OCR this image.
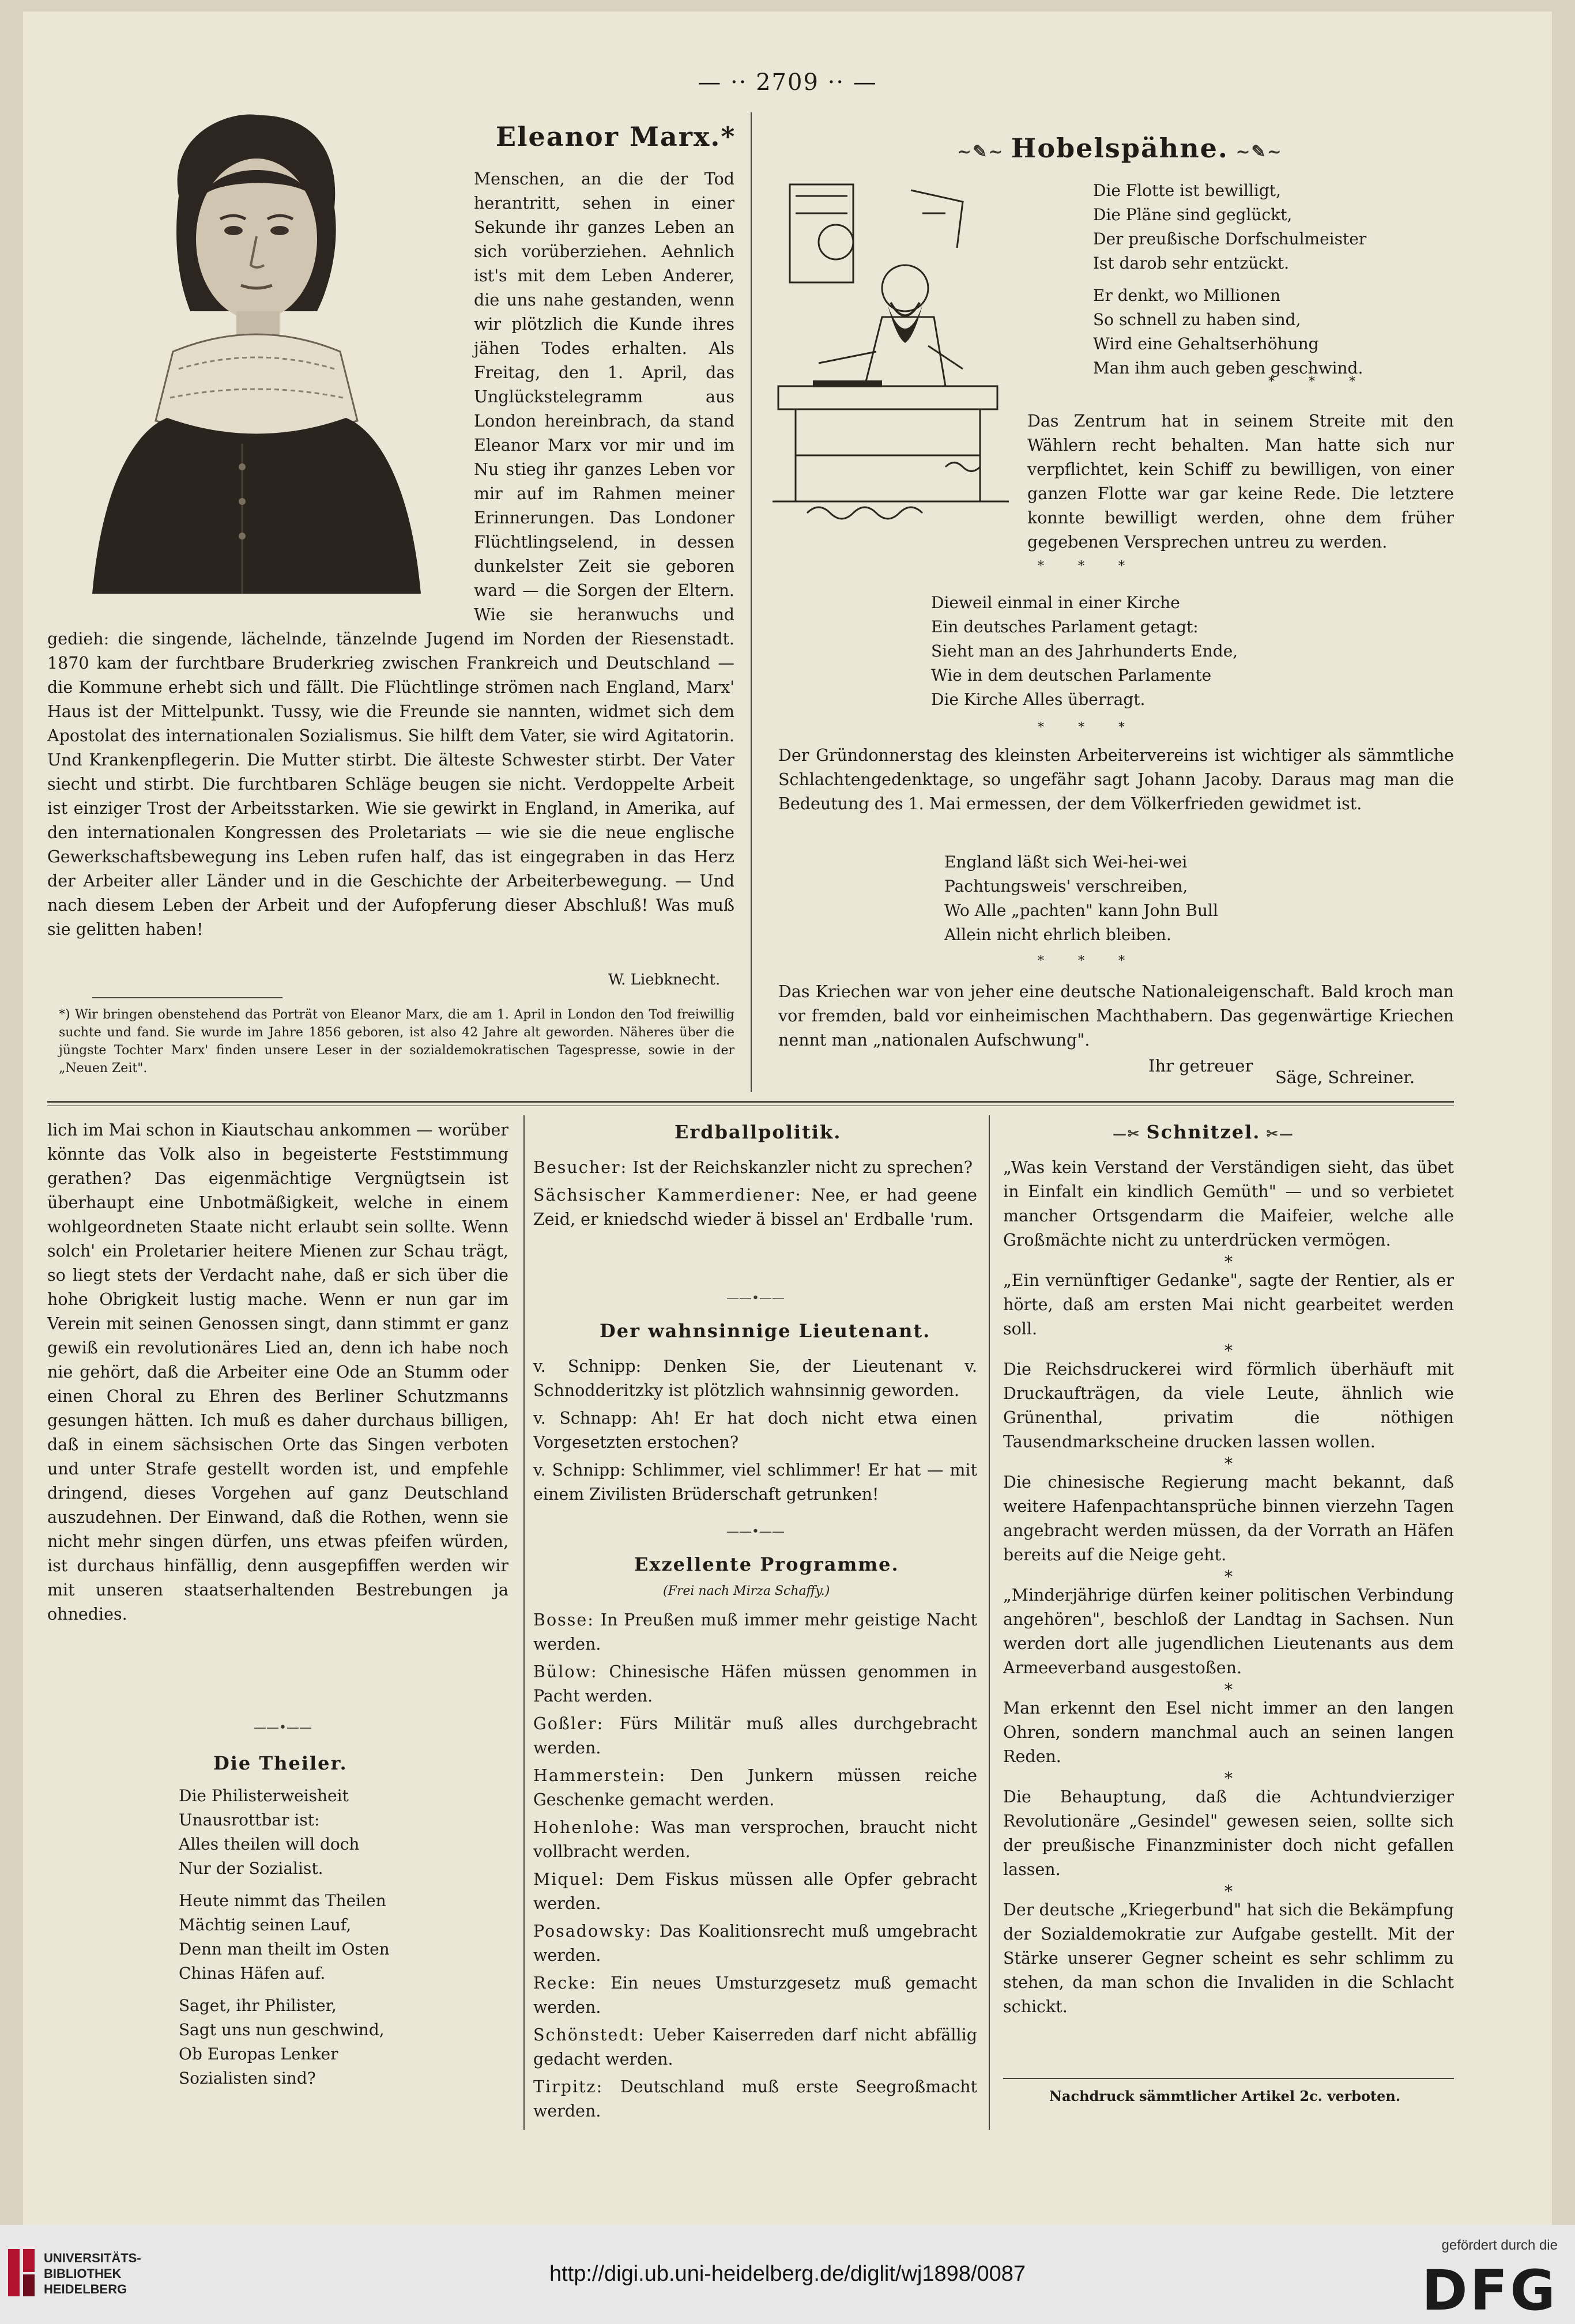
— ·· 2709 ·· —
Eleanor Marx.*

Menschen, an die der Tod herantritt, sehen in einer Sekunde ihr ganzes Leben an sich vorüberziehen. Aehnlich ist's mit dem Leben Anderer, die uns nahe gestanden, wenn wir plötzlich die Kunde ihres jähen Todes erhalten. Als Freitag, den 1. April, das Unglückstelegramm aus London hereinbrach, da stand Eleanor Marx vor mir und im Nu stieg ihr ganzes Leben vor mir auf im Rahmen meiner Erinnerungen. Das Londoner Flüchtlingselend, in dessen dunkelster Zeit sie geboren ward — die Sorgen der Eltern. Wie sie heranwuchs und gedieh: die singende, lächelnde, tänzelnde Jugend im Norden der Riesenstadt. 1870 kam der furchtbare Bruderkrieg zwischen Frankreich und Deutschland — die Kommune erhebt sich und fällt. Die Flüchtlinge strömen nach England, Marx' Haus ist der Mittelpunkt. Tussy, wie die Freunde sie nannten, widmet sich dem Apostolat des internationalen Sozialismus. Sie hilft dem Vater, sie wird Agitatorin. Und Krankenpflegerin. Die Mutter stirbt. Die älteste Schwester stirbt. Der Vater siecht und stirbt. Die furchtbaren Schläge beugen sie nicht. Verdoppelte Arbeit ist einziger Trost der Arbeitsstarken. Wie sie gewirkt in England, in Amerika, auf den internationalen Kongressen des Proletariats — wie sie die neue englische Gewerkschaftsbewegung ins Leben rufen half, das ist eingegraben in das Herz der Arbeiter aller Länder und in die Geschichte der Arbeiterbewegung. — Und nach diesem Leben der Arbeit und der Aufopferung dieser Abschluß! Was muß sie gelitten haben!

W. Liebknecht.
*) Wir bringen obenstehend das Porträt von Eleanor Marx, die am 1. April in London den Tod freiwillig suchte und fand. Sie wurde im Jahre 1856 geboren, ist also 42 Jahre alt geworden. Näheres über die jüngste Tochter Marx' finden unsere Leser in der sozialdemokratischen Tagespresse, sowie in der „Neuen Zeit".
~✎~ Hobelspähne. ~✎~
Die Flotte ist bewilligt,
Die Pläne sind geglückt,
Der preußische Dorfschulmeister
Ist darob sehr entzückt.
Er denkt, wo Millionen
So schnell zu haben sind,
Wird eine Gehaltserhöhung
Man ihm auch geben geschwind.
* * *
Das Zentrum hat in seinem Streite mit den Wählern recht behalten. Man hatte sich nur verpflichtet, kein Schiff zu bewilligen, von einer ganzen Flotte war gar keine Rede. Die letztere konnte bewilligt werden, ohne dem früher gegebenen Versprechen untreu zu werden.
* * *
Dieweil einmal in einer Kirche
Ein deutsches Parlament getagt:
Sieht man an des Jahrhunderts Ende,
Wie in dem deutschen Parlamente
Die Kirche Alles überragt.
* * *
Der Gründonnerstag des kleinsten Arbeitervereins ist wichtiger als sämmtliche Schlachtengedenktage, so ungefähr sagt Johann Jacoby. Daraus mag man die Bedeutung des 1. Mai ermessen, der dem Völkerfrieden gewidmet ist.
England läßt sich Wei-hei-wei
Pachtungsweis' verschreiben,
Wo Alle „pachten" kann John Bull
Allein nicht ehrlich bleiben.
* * *
Das Kriechen war von jeher eine deutsche Nationaleigenschaft. Bald kroch man vor fremden, bald vor einheimischen Machthabern. Das gegenwärtige Kriechen nennt man „nationalen Aufschwung".
Ihr getreuer
Säge, Schreiner.
lich im Mai schon in Kiautschau ankommen — worüber könnte das Volk also in begeisterte Feststimmung gerathen? Das eigenmächtige Vergnügtsein ist überhaupt eine Unbotmäßigkeit, welche in einem wohlgeordneten Staate nicht erlaubt sein sollte. Wenn solch' ein Proletarier heitere Mienen zur Schau trägt, so liegt stets der Verdacht nahe, daß er sich über die hohe Obrigkeit lustig mache. Wenn er nun gar im Verein mit seinen Genossen singt, dann stimmt er ganz gewiß ein revolutionäres Lied an, denn ich habe noch nie gehört, daß die Arbeiter eine Ode an Stumm oder einen Choral zu Ehren des Berliner Schutzmanns gesungen hätten. Ich muß es daher durchaus billigen, daß in einem sächsischen Orte das Singen verboten und unter Strafe gestellt worden ist, und empfehle dringend, dieses Vorgehen auf ganz Deutschland auszudehnen. Der Einwand, daß die Rothen, wenn sie nicht mehr singen dürfen, uns etwas pfeifen würden, ist durchaus hinfällig, denn ausgepfiffen werden wir mit unseren staatserhaltenden Bestrebungen ja ohnedies.
——•——
Die Theiler.
Die Philisterweisheit
Unausrottbar ist:
Alles theilen will doch
Nur der Sozialist.
Heute nimmt das Theilen
Mächtig seinen Lauf,
Denn man theilt im Osten
Chinas Häfen auf.
Saget, ihr Philister,
Sagt uns nun geschwind,
Ob Europas Lenker
Sozialisten sind?
Erdballpolitik.

Besucher: Ist der Reichskanzler nicht zu sprechen?

Sächsischer Kammerdiener: Nee, er had geene Zeid, er kniedschd wieder ä bissel an' Erdballe 'rum.

——•——
Der wahnsinnige Lieutenant.

v. Schnipp: Denken Sie, der Lieutenant v. Schnodderitzky ist plötzlich wahnsinnig geworden.

v. Schnapp: Ah! Er hat doch nicht etwa einen Vorgesetzten erstochen?

v. Schnipp: Schlimmer, viel schlimmer! Er hat — mit einem Zivilisten Brüderschaft getrunken!

——•——
Exzellente Programme.
(Frei nach Mirza Schaffy.)

Bosse: In Preußen muß immer mehr geistige Nacht werden.

Bülow: Chinesische Häfen müssen genommen in Pacht werden.

Goßler: Fürs Militär muß alles durchgebracht werden.

Hammerstein: Den Junkern müssen reiche Geschenke gemacht werden.

Hohenlohe: Was man versprochen, braucht nicht vollbracht werden.

Miquel: Dem Fiskus müssen alle Opfer gebracht werden.

Posadowsky: Das Koalitionsrecht muß umgebracht werden.

Recke: Ein neues Umsturzgesetz muß gemacht werden.

Schönstedt: Ueber Kaiserreden darf nicht abfällig gedacht werden.

Tirpitz: Deutschland muß erste Seegroßmacht werden.

—✂ Schnitzel. ✂—

„Was kein Verstand der Verständigen sieht, das übet in Einfalt ein kindlich Gemüth" — und so verbietet mancher Ortsgendarm die Maifeier, welche alle Großmächte nicht zu unterdrücken vermögen.

*

„Ein vernünftiger Gedanke", sagte der Rentier, als er hörte, daß am ersten Mai nicht gearbeitet werden soll.

*

Die Reichsdruckerei wird förmlich überhäuft mit Druckaufträgen, da viele Leute, ähnlich wie Grünenthal, privatim die nöthigen Tausendmarkscheine drucken lassen wollen.

*

Die chinesische Regierung macht bekannt, daß weitere Hafenpachtansprüche binnen vierzehn Tagen angebracht werden müssen, da der Vorrath an Häfen bereits auf die Neige geht.

*

„Minderjährige dürfen keiner politischen Verbindung angehören", beschloß der Landtag in Sachsen. Nun werden dort alle jugendlichen Lieutenants aus dem Armeeverband ausgestoßen.

*

Man erkennt den Esel nicht immer an den langen Ohren, sondern manchmal auch an seinen langen Reden.

*

Die Behauptung, daß die Achtundvierziger Revolutionäre „Gesindel" gewesen seien, sollte sich der preußische Finanzminister doch nicht gefallen lassen.

*

Der deutsche „Kriegerbund" hat sich die Bekämpfung der Sozialdemokratie zur Aufgabe gestellt. Mit der Stärke unserer Gegner scheint es sehr schlimm zu stehen, da man schon die Invaliden in die Schlacht schickt.

Nachdruck sämmtlicher Artikel 2c. verboten.
UNIVERSITÄTS-
BIBLIOTHEK
HEIDELBERG
http://digi.ub.uni-heidelberg.de/diglit/wj1898/0087
gefördert durch die
DFG
